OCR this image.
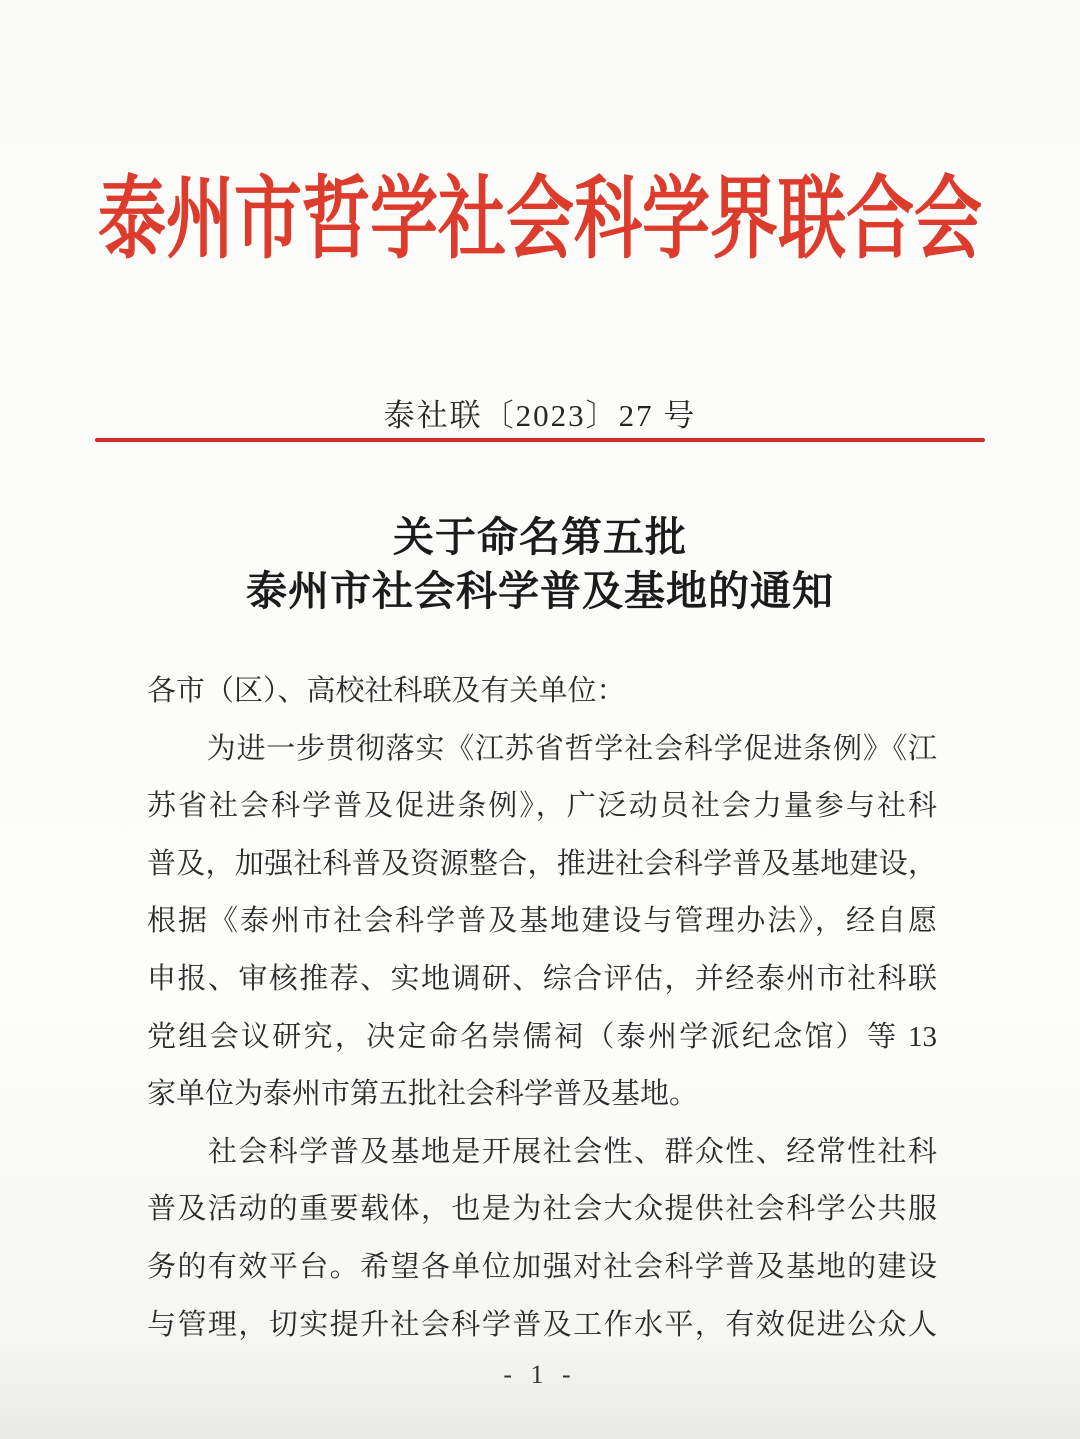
泰州市哲学社会科学界联合会
泰社联〔2023〕27 号
关于命名第五批
泰州市社会科学普及基地的通知
各市（区）、高校社科联及有关单位：
　　为进一步贯彻落实《江苏省哲学社会科学促进条例》《江
苏省社会科学普及促进条例》，广泛动员社会力量参与社科
普及，加强社科普及资源整合，推进社会科学普及基地建设，
根据《泰州市社会科学普及基地建设与管理办法》，经自愿
申报、审核推荐、实地调研、综合评估，并经泰州市社科联
党组会议研究，决定命名崇儒祠（泰州学派纪念馆）等 13
家单位为泰州市第五批社会科学普及基地。
　　社会科学普及基地是开展社会性、群众性、经常性社科
普及活动的重要载体，也是为社会大众提供社会科学公共服
务的有效平台。希望各单位加强对社会科学普及基地的建设
与管理，切实提升社会科学普及工作水平，有效促进公众人
- 1 -
